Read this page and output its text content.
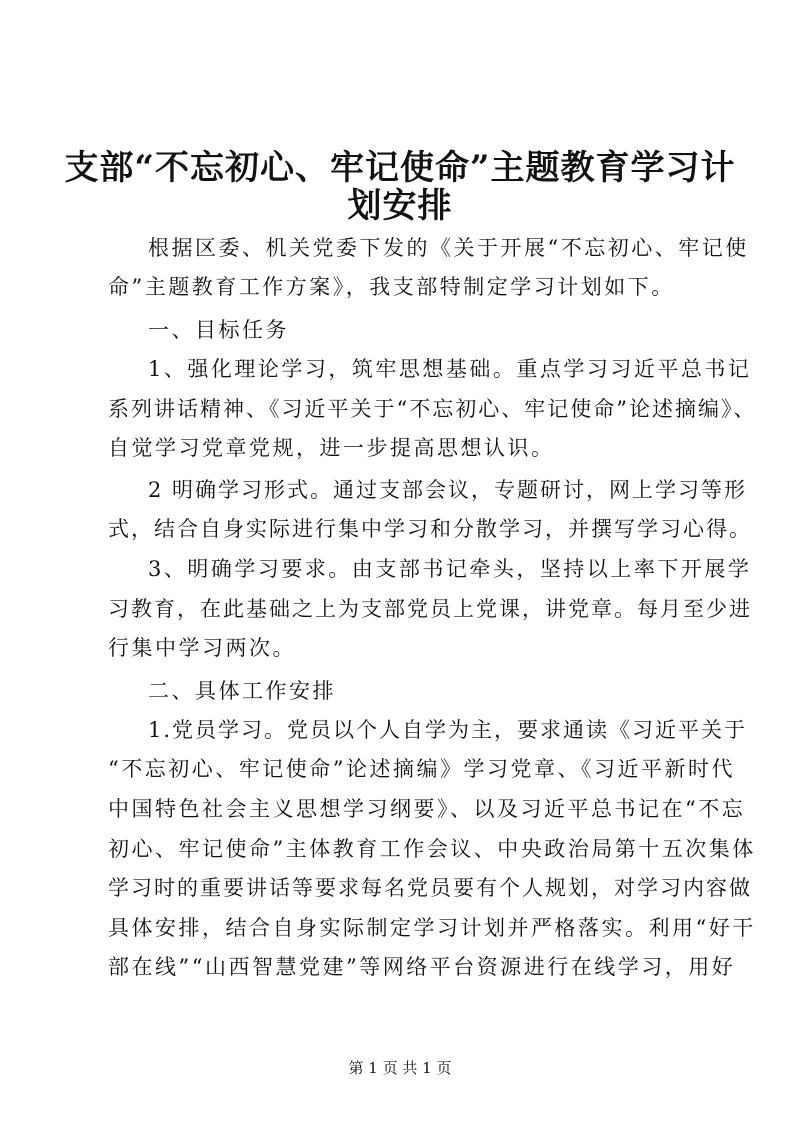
支部“不忘初心、牢记使命”主题教育学习计
划安排
根据区委、机关党委下发的《关于开展“不忘初心、牢记使
命”主题教育工作方案》，我支部特制定学习计划如下。
一、目标任务
1、强化理论学习，筑牢思想基础。重点学习习近平总书记
系列讲话精神、《习近平关于“不忘初心、牢记使命”论述摘编》、
自觉学习党章党规，进一步提高思想认识。
2 明确学习形式。通过支部会议，专题研讨，网上学习等形
式，结合自身实际进行集中学习和分散学习，并撰写学习心得。
3、明确学习要求。由支部书记牵头，坚持以上率下开展学
习教育，在此基础之上为支部党员上党课，讲党章。每月至少进
行集中学习两次。
二、具体工作安排
1.党员学习。党员以个人自学为主，要求通读《习近平关于
“不忘初心、牢记使命”论述摘编》学习党章、《习近平新时代
中国特色社会主义思想学习纲要》、以及习近平总书记在“不忘
初心、牢记使命”主体教育工作会议、中央政治局第十五次集体
学习时的重要讲话等要求每名党员要有个人规划，对学习内容做
具体安排，结合自身实际制定学习计划并严格落实。利用“好干
部在线”“山西智慧党建”等网络平台资源进行在线学习，用好
第 1 页 共 1 页
